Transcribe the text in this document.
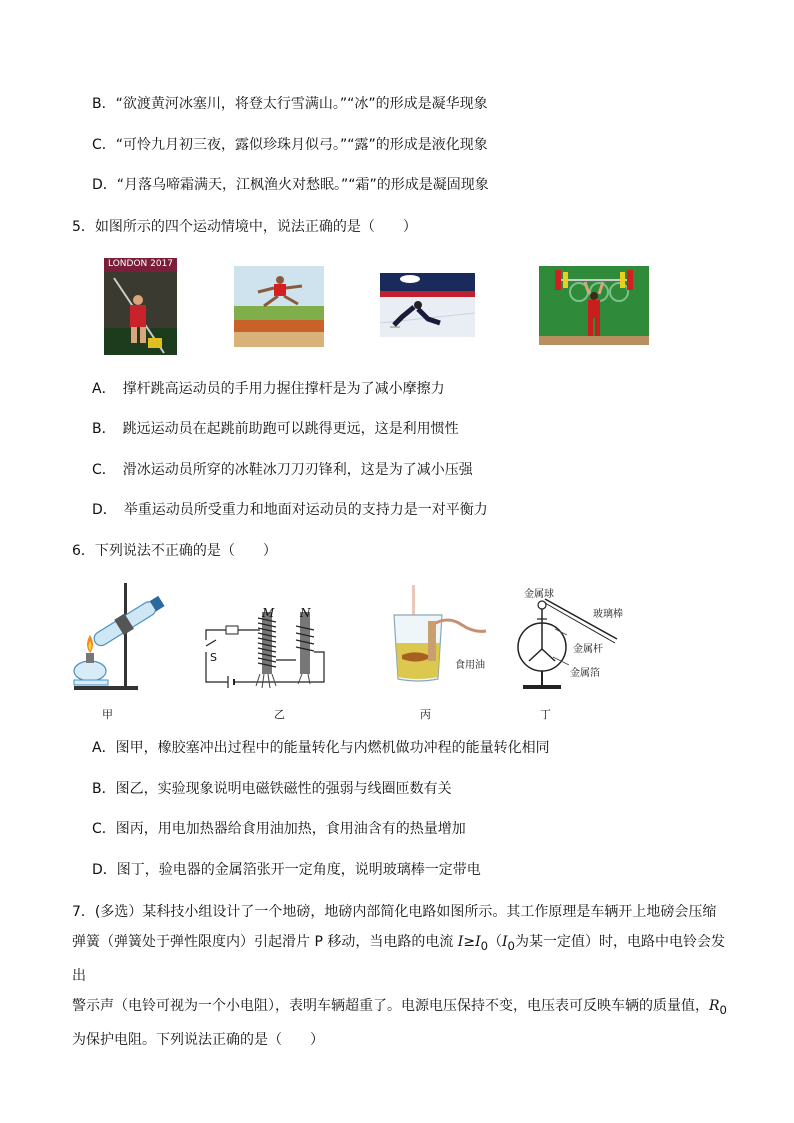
B．“欲渡黄河冰塞川，将登太行雪满山。”“冰”的形成是凝华现象
C．“可怜九月初三夜，露似珍珠月似弓。”“露”的形成是液化现象
D．“月落乌啼霜满天，江枫渔火对愁眠。”“霜”的形成是凝固现象
5．如图所示的四个运动情境中，说法正确的是（　　）
LONDON 2017
A．　撑杆跳高运动员的手用力握住撑杆是为了减小摩擦力
B．　跳远运动员在起跳前助跑可以跳得更远，这是利用惯性
C．　滑冰运动员所穿的冰鞋冰刀刀刃锋利，这是为了减小压强
D．　举重运动员所受重力和地面对运动员的支持力是一对平衡力
6．下列说法不正确的是（　　）
甲
M N
S
乙
食用油
丙
金属球
玻璃棒
金属杆
金属箔
丁
A．图甲，橡胶塞冲出过程中的能量转化与内燃机做功冲程的能量转化相同
B．图乙，实验现象说明电磁铁磁性的强弱与线圈匝数有关
C．图丙，用电加热器给食用油加热，食用油含有的热量增加
D．图丁，验电器的金属箔张开一定角度，说明玻璃棒一定带电
7．(多选）某科技小组设计了一个地磅，地磅内部简化电路如图所示。其工作原理是车辆开上地磅会压缩
弹簧（弹簧处于弹性限度内）引起滑片 P 移动，当电路的电流 $I\ge I_0(I_0$为某一定值）时，电路中电铃会发出
警示声（电铃可视为一个小电阻），表明车辆超重了。电源电压保持不变，电压表可反映车辆的质量值，$R_0$
为保护电阻。下列说法正确的是（　　）
